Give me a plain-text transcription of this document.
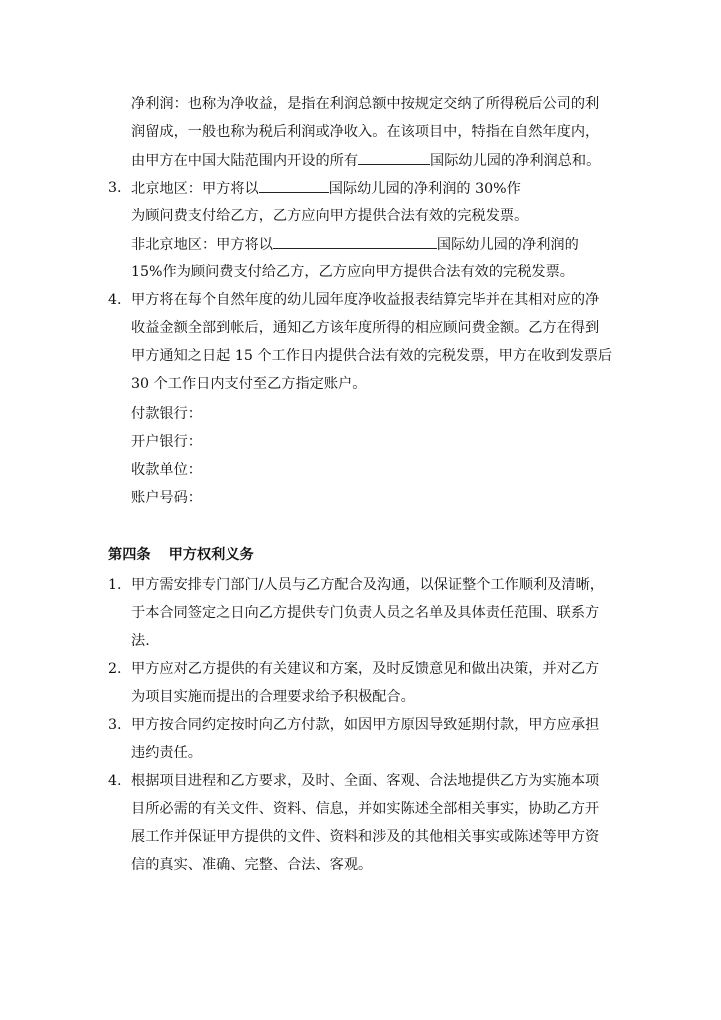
净利润：也称为净收益，是指在利润总额中按规定交纳了所得税后公司的利
润留成，一般也称为税后利润或净收入。在该项目中，特指在自然年度内，
由甲方在中国大陆范围内开设的所有	国际幼儿园的净利润总和。
3. 北京地区：甲方将以	国际幼儿园的净利润的 30%作
为顾问费支付给乙方，乙方应向甲方提供合法有效的完税发票。
非北京地区：甲方将以	国际幼儿园的净利润的
15%作为顾问费支付给乙方，乙方应向甲方提供合法有效的完税发票。
4. 甲方将在每个自然年度的幼儿园年度净收益报表结算完毕并在其相对应的净
收益金额全部到帐后，通知乙方该年度所得的相应顾问费金额。乙方在得到
甲方通知之日起 15 个工作日内提供合法有效的完税发票，甲方在收到发票后
30 个工作日内支付至乙方指定账户。
付款银行：
开户银行：
收款单位：
账户号码：
第四条 甲方权利义务
1. 甲方需安排专门部门/人员与乙方配合及沟通，以保证整个工作顺利及清晰，
于本合同签定之日向乙方提供专门负责人员之名单及具体责任范围、联系方
法.
2. 甲方应对乙方提供的有关建议和方案，及时反馈意见和做出决策，并对乙方
为项目实施而提出的合理要求给予积极配合。
3. 甲方按合同约定按时向乙方付款，如因甲方原因导致延期付款，甲方应承担
违约责任。
4. 根据项目进程和乙方要求，及时、全面、客观、合法地提供乙方为实施本项
目所必需的有关文件、资料、信息，并如实陈述全部相关事实，协助乙方开
展工作并保证甲方提供的文件、资料和涉及的其他相关事实或陈述等甲方资
信的真实、准确、完整、合法、客观。
